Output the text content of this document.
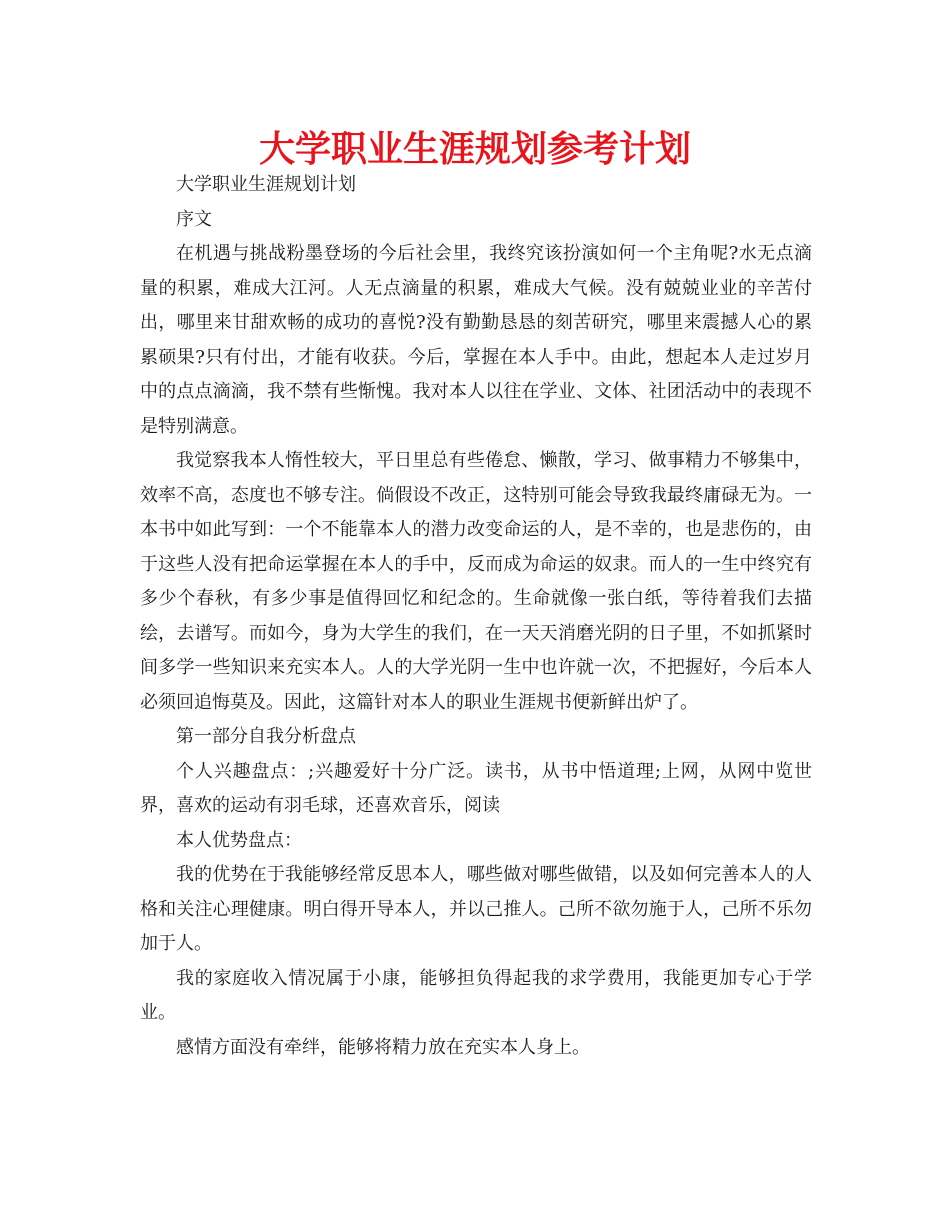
大学职业生涯规划参考计划

大学职业生涯规划计划

序文

在机遇与挑战粉墨登场的今后社会里，我终究该扮演如何一个主角呢?水无点滴量的积累，难成大江河。人无点滴量的积累，难成大气候。没有兢兢业业的辛苦付出，哪里来甘甜欢畅的成功的喜悦?没有勤勤恳恳的刻苦研究，哪里来震撼人心的累累硕果?只有付出，才能有收获。今后，掌握在本人手中。由此，想起本人走过岁月中的点点滴滴，我不禁有些惭愧。我对本人以往在学业、文体、社团活动中的表现不是特别满意。

我觉察我本人惰性较大，平日里总有些倦怠、懒散，学习、做事精力不够集中，效率不高，态度也不够专注。倘假设不改正，这特别可能会导致我最终庸碌无为。一本书中如此写到：一个不能靠本人的潜力改变命运的人，是不幸的，也是悲伤的，由于这些人没有把命运掌握在本人的手中，反而成为命运的奴隶。而人的一生中终究有多少个春秋，有多少事是值得回忆和纪念的。生命就像一张白纸，等待着我们去描绘，去谱写。而如今，身为大学生的我们，在一天天消磨光阴的日子里，不如抓紧时间多学一些知识来充实本人。人的大学光阴一生中也许就一次，不把握好，今后本人必须回追悔莫及。因此，这篇针对本人的职业生涯规书便新鲜出炉了。

第一部分自我分析盘点

个人兴趣盘点：;兴趣爱好十分广泛。读书，从书中悟道理;上网，从网中览世界，喜欢的运动有羽毛球，还喜欢音乐，阅读

本人优势盘点：

我的优势在于我能够经常反思本人，哪些做对哪些做错，以及如何完善本人的人格和关注心理健康。明白得开导本人，并以己推人。己所不欲勿施于人，己所不乐勿加于人。

我的家庭收入情况属于小康，能够担负得起我的求学费用，我能更加专心于学业。

感情方面没有牵绊，能够将精力放在充实本人身上。
